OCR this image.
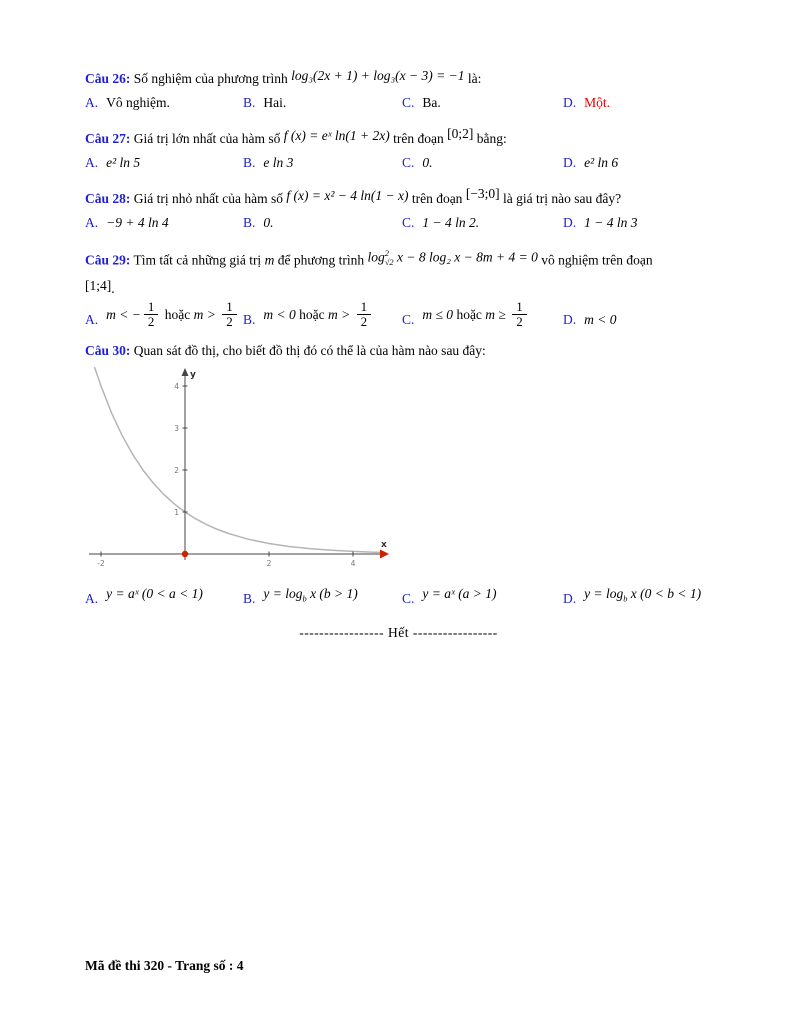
Câu 26: Số nghiệm của phương trình log₃(2x + 1) + log₃(x − 3) = −1 là:

A. Vô nghiệm.	B. Hai.	C. Ba.	D. Một.

Câu 27: Giá trị lớn nhất của hàm số f (x) = eˣ ln(1 + 2x) trên đoạn [0;2] bằng:

A. e² ln 5	B. e ln 3	C. 0.	D. e² ln 6

Câu 28: Giá trị nhỏ nhất của hàm số f (x) = x² − 4 ln(1 − x) trên đoạn [−3;0] là giá trị nào sau đây?

A. −9 + 4 ln 4	B. 0.	C. 1 − 4 ln 2.	D. 1 − 4 ln 3

Câu 29: Tìm tất cả những giá trị m để phương trình $\log^2_{√2} x - 8$ log₂ x − 8m + 4 = 0 vô nghiệm trên đoạn

[1;4].

A. m < − $\frac{1}{2}$ hoặc $m > \frac{1}{2} B$. m < 0 hoặc $m > \frac{1}{2} C$. m ≤ 0 hoặc $m \ge \frac{1}{2}$	D. m < 0

Câu 30: Quan sát đồ thị, cho biết đồ thị đó có thể là của hàm nào sau đây:

1
2
3
4
-2	2	4
y
x
A. y = aˣ (0 < a < 1)	B. $y = \log_b x$ (b > 1)	C. y = aˣ (a > 1)	D. $y = \log_b x$ (0 < b < 1)

----------------- Hết -----------------

Mã đề thi 320 - Trang số : 4
